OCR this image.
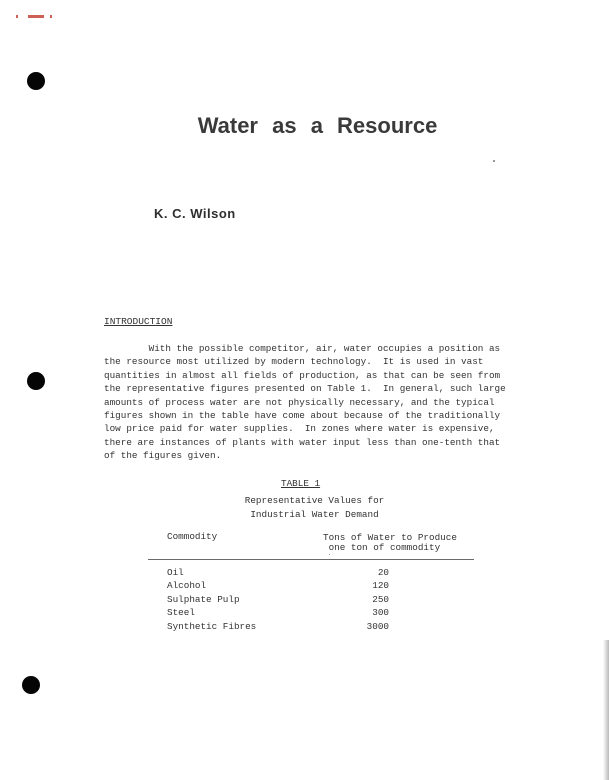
Water as a Resource

K. C. Wilson

INTRODUCTION

With the possible competitor, air, water occupies a position as
the resource most utilized by modern technology.  It is used in vast
quantities in almost all fields of production, as that can be seen from
the representative figures presented on Table 1.  In general, such large
amounts of process water are not physically necessary, and the typical
figures shown in the table have come about because of the traditionally
low price paid for water supplies.  In zones where water is expensive,
there are instances of plants with water input less than one-tenth that
of the figures given.

TABLE 1

Representative Values for

Industrial Water Demand

Commodity	Tons of Water to Produce
one ton of commodity

Oil	20
Alcohol	120
Sulphate Pulp	250
Steel	300
Synthetic Fibres	3000
